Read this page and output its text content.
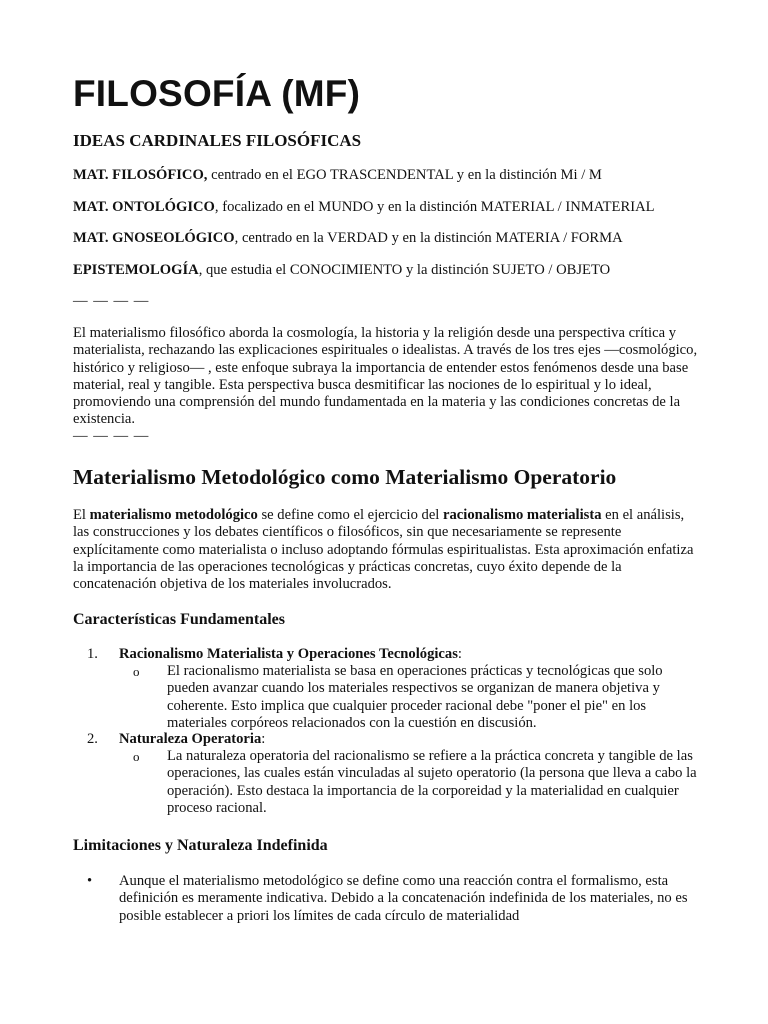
FILOSOFÍA (MF)

IDEAS CARDINALES FILOSÓFICAS

MAT. FILOSÓFICO, centrado en el EGO TRASCENDENTAL y en la distinción Mi / M

MAT. ONTOLÓGICO, focalizado en el MUNDO y en la distinción MATERIAL / INMATERIAL

MAT. GNOSEOLÓGICO, centrado en la VERDAD y en la distinción MATERIA / FORMA

EPISTEMOLOGÍA, que estudia el CONOCIMIENTO y la distinción SUJETO / OBJETO

— — — —

El materialismo filosófico aborda la cosmología, la historia y la religión desde una perspectiva crítica y materialista, rechazando las explicaciones espirituales o idealistas. A través de los tres ejes —cosmológico, histórico y religioso— , este enfoque subraya la importancia de entender estos fenómenos desde una base material, real y tangible. Esta perspectiva busca desmitificar las nociones de lo espiritual y lo ideal, promoviendo una comprensión del mundo fundamentada en la materia y las condiciones concretas de la existencia.

— — — —

Materialismo Metodológico como Materialismo Operatorio

El materialismo metodológico se define como el ejercicio del racionalismo materialista en el análisis, las construcciones y los debates científicos o filosóficos, sin que necesariamente se represente explícitamente como materialista o incluso adoptando fórmulas espiritualistas. Esta aproximación enfatiza la importancia de las operaciones tecnológicas y prácticas concretas, cuyo éxito depende de la concatenación objetiva de los materiales involucrados.

Características Fundamentales
1. Racionalismo Materialista y Operaciones Tecnológicas:
o El racionalismo materialista se basa en operaciones prácticas y tecnológicas que solo pueden avanzar cuando los materiales respectivos se organizan de manera objetiva y coherente. Esto implica que cualquier proceder racional debe "poner el pie" en los materiales corpóreos relacionados con la cuestión en discusión.

2. Naturaleza Operatoria:
o La naturaleza operatoria del racionalismo se refiere a la práctica concreta y tangible de las operaciones, las cuales están vinculadas al sujeto operatorio (la persona que lleva a cabo la operación). Esto destaca la importancia de la corporeidad y la materialidad en cualquier proceso racional.

Limitaciones y Naturaleza Indefinida
• Aunque el materialismo metodológico se define como una reacción contra el formalismo, esta definición es meramente indicativa. Debido a la concatenación indefinida de los materiales, no es posible establecer a priori los límites de cada círculo de materialidad
